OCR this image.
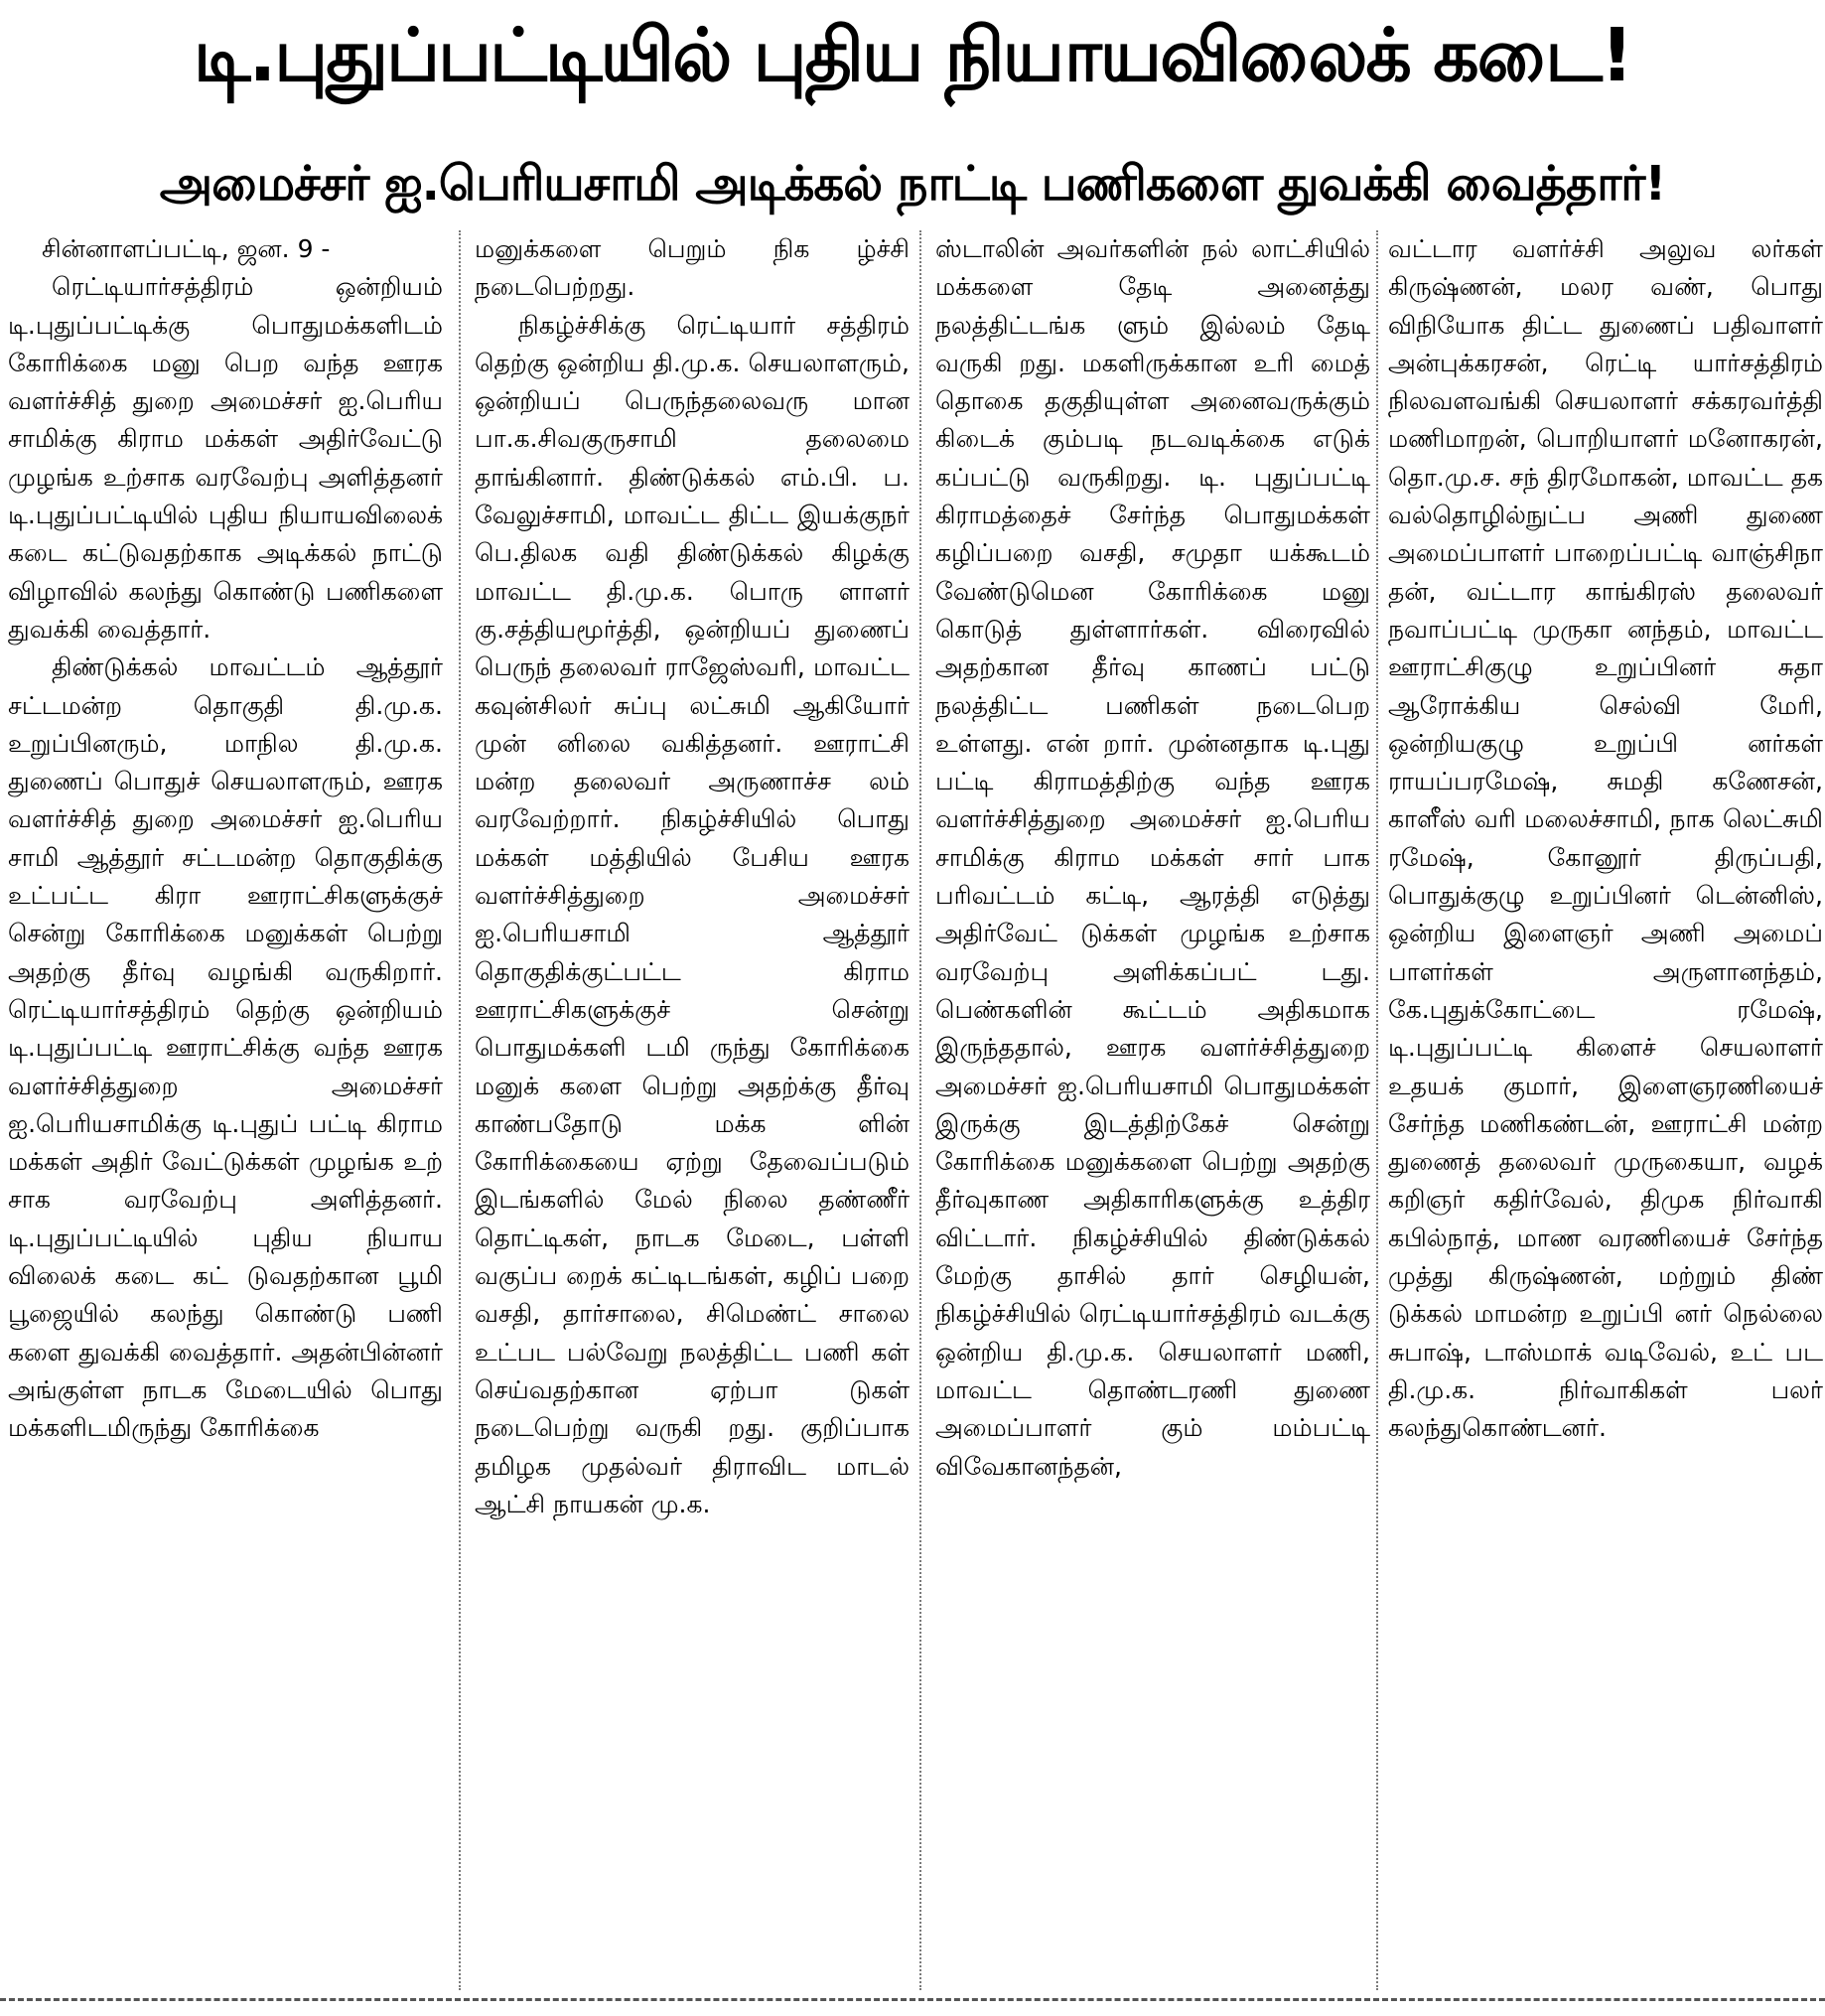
டி.புதுப்பட்டியில் புதிய நியாயவிலைக் கடை!
அமைச்சர் ஐ.பெரியசாமி அடிக்கல் நாட்டி பணிகளை துவக்கி வைத்தார்!

சின்னாளப்பட்டி, ஜன. 9 -

ரெட்டியார்சத்திரம் ஒன்றியம் டி.புதுப்பட்டிக்கு பொதுமக்களிடம் கோரிக்கை மனு பெற வந்த ஊரக வளர்ச்சித் துறை அமைச்சர் ஐ.பெரிய சாமிக்கு கிராம மக்கள் அதிர்வேட்டு முழங்க உற்சாக வரவேற்பு அளித்தனர் டி.புதுப்பட்டியில் புதிய நியாயவிலைக் கடை கட்டுவதற்காக அடிக்கல் நாட்டு விழாவில் கலந்து கொண்டு பணிகளை துவக்கி வைத்தார்.

திண்டுக்கல் மாவட்டம் ஆத்தூர் சட்டமன்ற தொகுதி தி.மு.க. உறுப்பினரும், மாநில தி.மு.க. துணைப் பொதுச் செயலாளரும், ஊரக வளர்ச்சித் துறை அமைச்சர் ஐ.பெரிய சாமி ஆத்தூர் சட்டமன்ற தொகுதிக்கு உட்பட்ட கிரா ஊராட்சிகளுக்குச் சென்று கோரிக்கை மனுக்கள் பெற்று அதற்கு தீர்வு வழங்கி வருகிறார். ரெட்டியார்சத்திரம் தெற்கு ஒன்றியம் டி.புதுப்பட்டி ஊராட்சிக்கு வந்த ஊரக வளர்ச்சித்துறை அமைச்சர் ஐ.பெரியசாமிக்கு டி.புதுப் பட்டி கிராம மக்கள் அதிர் வேட்டுக்கள் முழங்க உற் சாக வரவேற்பு அளித்தனர். டி.புதுப்பட்டியில் புதிய நியாய விலைக் கடை கட் டுவதற்கான பூமி பூஜையில் கலந்து கொண்டு பணி களை துவக்கி வைத்தார். அதன்பின்னர் அங்குள்ள நாடக மேடையில் பொது மக்களிடமிருந்து கோரிக்கை

மனுக்களை பெறும் நிக ழ்ச்சி நடைபெற்றது.

நிகழ்ச்சிக்கு ரெட்டியார் சத்திரம் தெற்கு ஒன்றிய தி.மு.க. செயலாளரும், ஒன்றியப் பெருந்தலைவரு மான பா.க.சிவகுருசாமி தலைமை தாங்கினார். திண்டுக்கல் எம்.பி. ப. வேலுச்சாமி, மாவட்ட திட்ட இயக்குநர் பெ.திலக வதி திண்டுக்கல் கிழக்கு மாவட்ட தி.மு.க. பொரு ளாளர் கு.சத்தியமூர்த்தி, ஒன்றியப் துணைப் பெருந் தலைவர் ராஜேஸ்வரி, மாவட்ட கவுன்சிலர் சுப்பு லட்சுமி ஆகியோர் முன் னிலை வகித்தனர். ஊராட்சி மன்ற தலைவர் அருணாச்ச லம் வரவேற்றார். நிகழ்ச்சியில் பொது மக்கள் மத்தியில் பேசிய ஊரக வளர்ச்சித்துறை அமைச்சர் ஐ.பெரியசாமி ஆத்தூர் தொகுதிக்குட்பட்ட கிராம ஊராட்சிகளுக்குச் சென்று பொதுமக்களி டமி ருந்து கோரிக்கை மனுக் களை பெற்று அதற்க்கு தீர்வு காண்பதோடு மக்க ளின் கோரிக்கையை ஏற்று தேவைப்படும் இடங்களில் மேல் நிலை தண்ணீர் தொட்டிகள், நாடக மேடை, பள்ளி வகுப்ப றைக் கட்டிடங்கள், கழிப் பறை வசதி, தார்சாலை, சிமெண்ட் சாலை உட்பட பல்வேறு நலத்திட்ட பணி கள் செய்வதற்கான ஏற்பா டுகள் நடைபெற்று வருகி றது. குறிப்பாக தமிழக முதல்வர் திராவிட மாடல் ஆட்சி நாயகன் மு.க.

ஸ்டாலின் அவர்களின் நல் லாட்சியில் மக்களை தேடி அனைத்து நலத்திட்டங்க ளும் இல்லம் தேடி வருகி றது. மகளிருக்கான உரி மைத் தொகை தகுதியுள்ள அனைவருக்கும் கிடைக் கும்படி நடவடிக்கை எடுக் கப்பட்டு வருகிறது. டி. புதுப்பட்டி கிராமத்தைச் சேர்ந்த பொதுமக்கள் கழிப்பறை வசதி, சமுதா யக்கூடம் வேண்டுமென கோரிக்கை மனு கொடுத் துள்ளார்கள். விரைவில் அதற்கான தீர்வு காணப் பட்டு நலத்திட்ட பணிகள் நடைபெற உள்ளது. என் றார். முன்னதாக டி.புது பட்டி கிராமத்திற்கு வந்த ஊரக வளர்ச்சித்துறை அமைச்சர் ஐ.பெரிய சாமிக்கு கிராம மக்கள் சார் பாக பரிவட்டம் கட்டி, ஆரத்தி எடுத்து அதிர்வேட் டுக்கள் முழங்க உற்சாக வரவேற்பு அளிக்கப்பட் டது. பெண்களின் கூட்டம் அதிகமாக இருந்ததால், ஊரக வளர்ச்சித்துறை அமைச்சர் ஐ.பெரியசாமி பொதுமக்கள் இருக்கு இடத்திற்கேச் சென்று கோரிக்கை மனுக்களை பெற்று அதற்கு தீர்வுகாண அதிகாரிகளுக்கு உத்திர விட்டார். நிகழ்ச்சியில் திண்டுக்கல் மேற்கு தாசில் தார் செழியன், நிகழ்ச்சியில் ரெட்டியார்சத்திரம் வடக்கு ஒன்றிய தி.மு.க. செயலாளர் மணி, மாவட்ட தொண்டரணி துணை அமைப்பாளர் கும் மம்பட்டி விவேகானந்தன்,

வட்டார வளர்ச்சி அலுவ லர்கள் கிருஷ்ணன், மலர வண், பொது விநியோக திட்ட துணைப் பதிவாளர் அன்புக்கரசன், ரெட்டி யார்சத்திரம் நிலவளவங்கி செயலாளர் சக்கரவர்த்தி மணிமாறன், பொறியாளர் மனோகரன், தொ.மு.ச. சந் திரமோகன், மாவட்ட தக வல்தொழில்நுட்ப அணி துணை அமைப்பாளர் பாறைப்பட்டி வாஞ்சிநா தன், வட்டார காங்கிரஸ் தலைவர் நவாப்பட்டி முருகா னந்தம், மாவட்ட ஊராட்சிகுழு உறுப்பினர் சுதா ஆரோக்கிய செல்வி மேரி, ஒன்றியகுழு உறுப்பி னர்கள் ராயப்பரமேஷ், சுமதி கணேசன், காளீஸ் வரி மலைச்சாமி, நாக லெட்சுமி ரமேஷ், கோனூர் திருப்பதி, பொதுக்குழு உறுப்பினர் டென்னிஸ், ஒன்றிய இளைஞர் அணி அமைப் பாளர்கள் அருளானந்தம், கே.புதுக்கோட்டை ரமேஷ், டி.புதுப்பட்டி கிளைச் செயலாளர் உதயக் குமார், இளைஞரணியைச் சேர்ந்த மணிகண்டன், ஊராட்சி மன்ற துணைத் தலைவர் முருகையா, வழக் கறிஞர் கதிர்வேல், திமுக நிர்வாகி கபில்நாத், மாண வரணியைச் சேர்ந்த முத்து கிருஷ்ணன், மற்றும் திண் டுக்கல் மாமன்ற உறுப்பி னர் நெல்லை சுபாஷ், டாஸ்மாக் வடிவேல், உட் பட தி.மு.க. நிர்வாகிகள் பலர் கலந்துகொண்டனர்.
